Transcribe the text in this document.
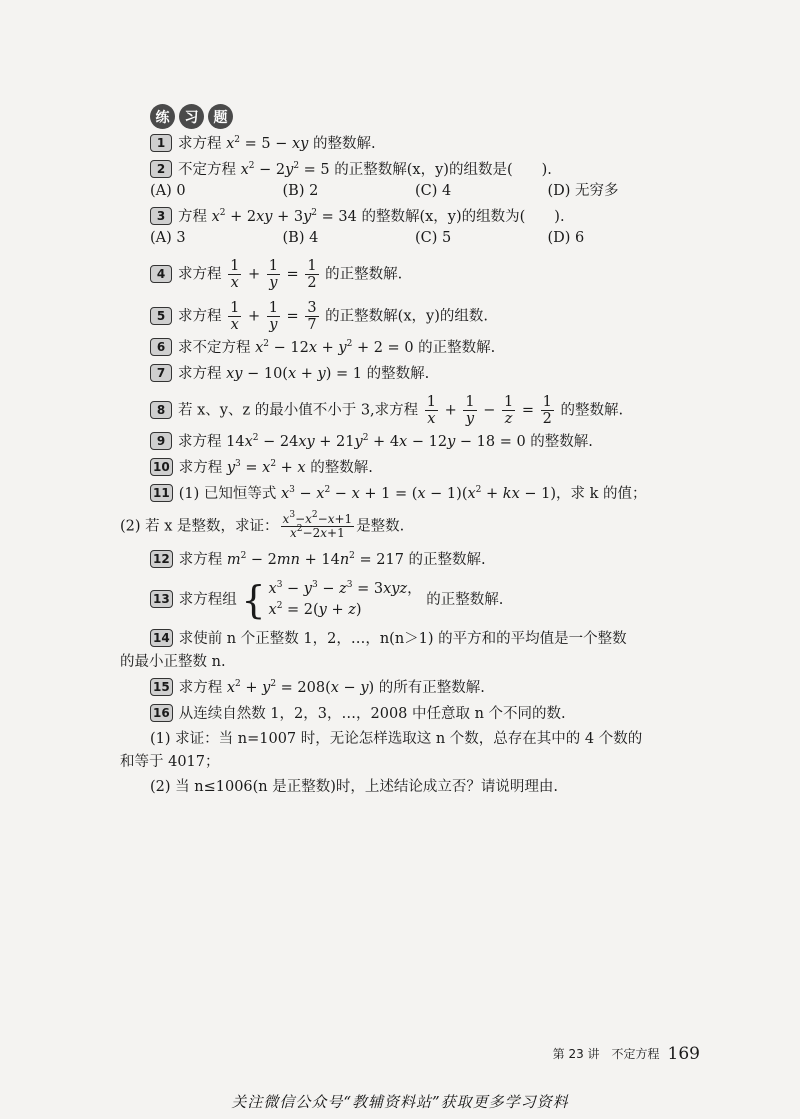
练	习	题
1 求方程 $x^2 = 5$ − xy 的整数解.
2 不定方程 $x^2 - 2y^2 = 5$ 的正整数解(x，y)的组数是(　　).
(A) 0	(B) 2	(C) 4	(D) 无穷多
3 方程 $x^2 + 2xy + 3y^2 = 34$ 的整数解(x，y)的组数为(　　).
(A) 3	(B) 4	(C) 5	(D) 6
4 求方程 $\frac{1}{x} + \frac{1}{y} = \frac{1}{2}$ 的正整数解.
5 求方程 $\frac{1}{x} + \frac{1}{y} = \frac{3}{7}$ 的正整数解(x，y)的组数.
6 求不定方程 $x^2 - 12x + y^2 + 2 = 0$ 的正整数解.
7 求方程 xy − 10(x + y) = 1 的整数解.
8 若 x、y、z 的最小值不小于 3,求方程 $\frac{1}{x} + \frac{1}{y} - \frac{1}{z} = \frac{1}{2}$ 的整数解.
9 求方程 $14x^2 - 24xy + 21y^2 + 4x - 12y - 18 = 0$ 的整数解.
10 求方程 $y^3 = x^2 + x$ 的整数解.
11 (1) 已知恒等式 $x^3 - x^2 - x + 1 = (x - 1)(x^2$ + kx − 1)，求 k 的值；
(2) 若 x 是整数，求证： $\frac{x^3-x^2-x+1}{x^2-2x+1}$ 是整数.
12 求方程 $m^2 - 2mn + 14n^2 = 217$ 的正整数解.
13 求方程组 { $x^3 - y^3 - z^3 = 3xyz$，
$x^2 = 2(y + z)$
的正整数解.
14 求使前 n 个正整数 1，2，…，n(n＞1) 的平方和的平均值是一个整数
的最小正整数 n.
15 求方程 $x^2 + y^2 = 208(x - y)$ 的所有正整数解.
16 从连续自然数 1，2，3，…，2008 中任意取 n 个不同的数.
(1) 求证：当 n=1007 时，无论怎样选取这 n 个数，总存在其中的 4 个数的
和等于 4017；
(2) 当 n≤1006(n 是正整数)时，上述结论成立否？请说明理由.
第 23 讲　不定方程 169
关注微信公众号“教辅资料站”获取更多学习资料
